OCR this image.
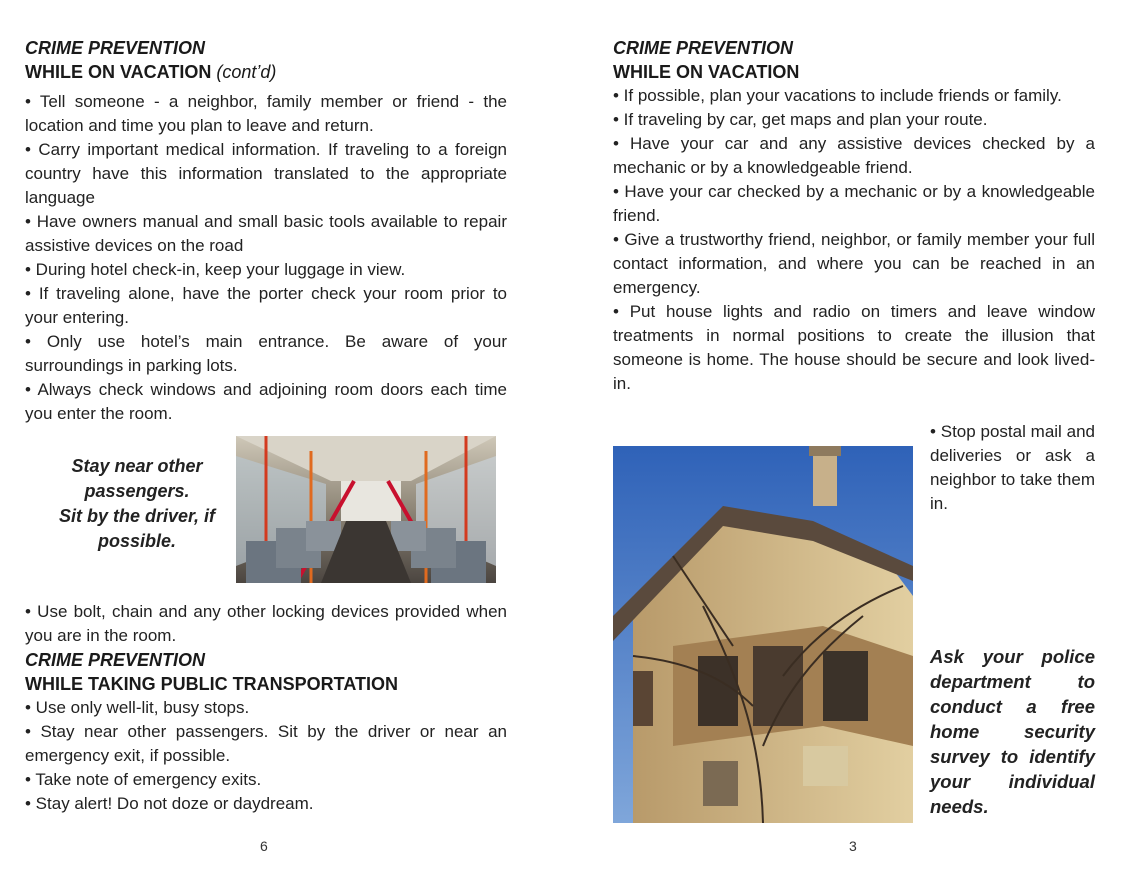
CRIME PREVENTION
WHILE ON VACATION (cont’d)
• Tell someone - a neighbor, family member or friend - the location and time you plan to leave and return.
• Carry important medical information. If traveling to a foreign country have this information translated to the appropriate language
• Have owners manual and small basic tools available to repair assistive devices on the road
• During hotel check-in, keep your luggage in view.
• If traveling alone, have the porter check your room prior to your entering.
• Only use hotel’s main entrance. Be aware of your surroundings in parking lots.
• Always check windows and adjoining room doors each time you enter the room.
Stay near other passengers.
Sit by the driver, if possible.
• Use bolt, chain and any other locking devices provided when you are in the room.
CRIME PREVENTION
WHILE TAKING PUBLIC TRANSPORTATION
• Use only well-lit, busy stops.
• Stay near other passengers. Sit by the driver or near an emergency exit, if possible.
• Take note of emergency exits.
• Stay alert! Do not doze or daydream.
CRIME PREVENTION
WHILE ON VACATION
• If possible, plan your vacations to include friends or family.
• If traveling by car, get maps and plan your route.
• Have your car and any assistive devices checked by a mechanic or by a knowledgeable friend.
• Have your car checked by a mechanic or by a knowledgeable friend.
• Give a trustworthy friend, neighbor, or family member your full contact information, and where you can be reached in an emergency.
• Put house lights and radio on timers and leave window treatments in normal positions to create the illusion that someone is home. The house should be secure and look lived-in.
• Stop postal mail and deliveries or ask a neighbor to take them in.
Ask your police department to conduct a free home security survey to identify your individual needs.
6	3
